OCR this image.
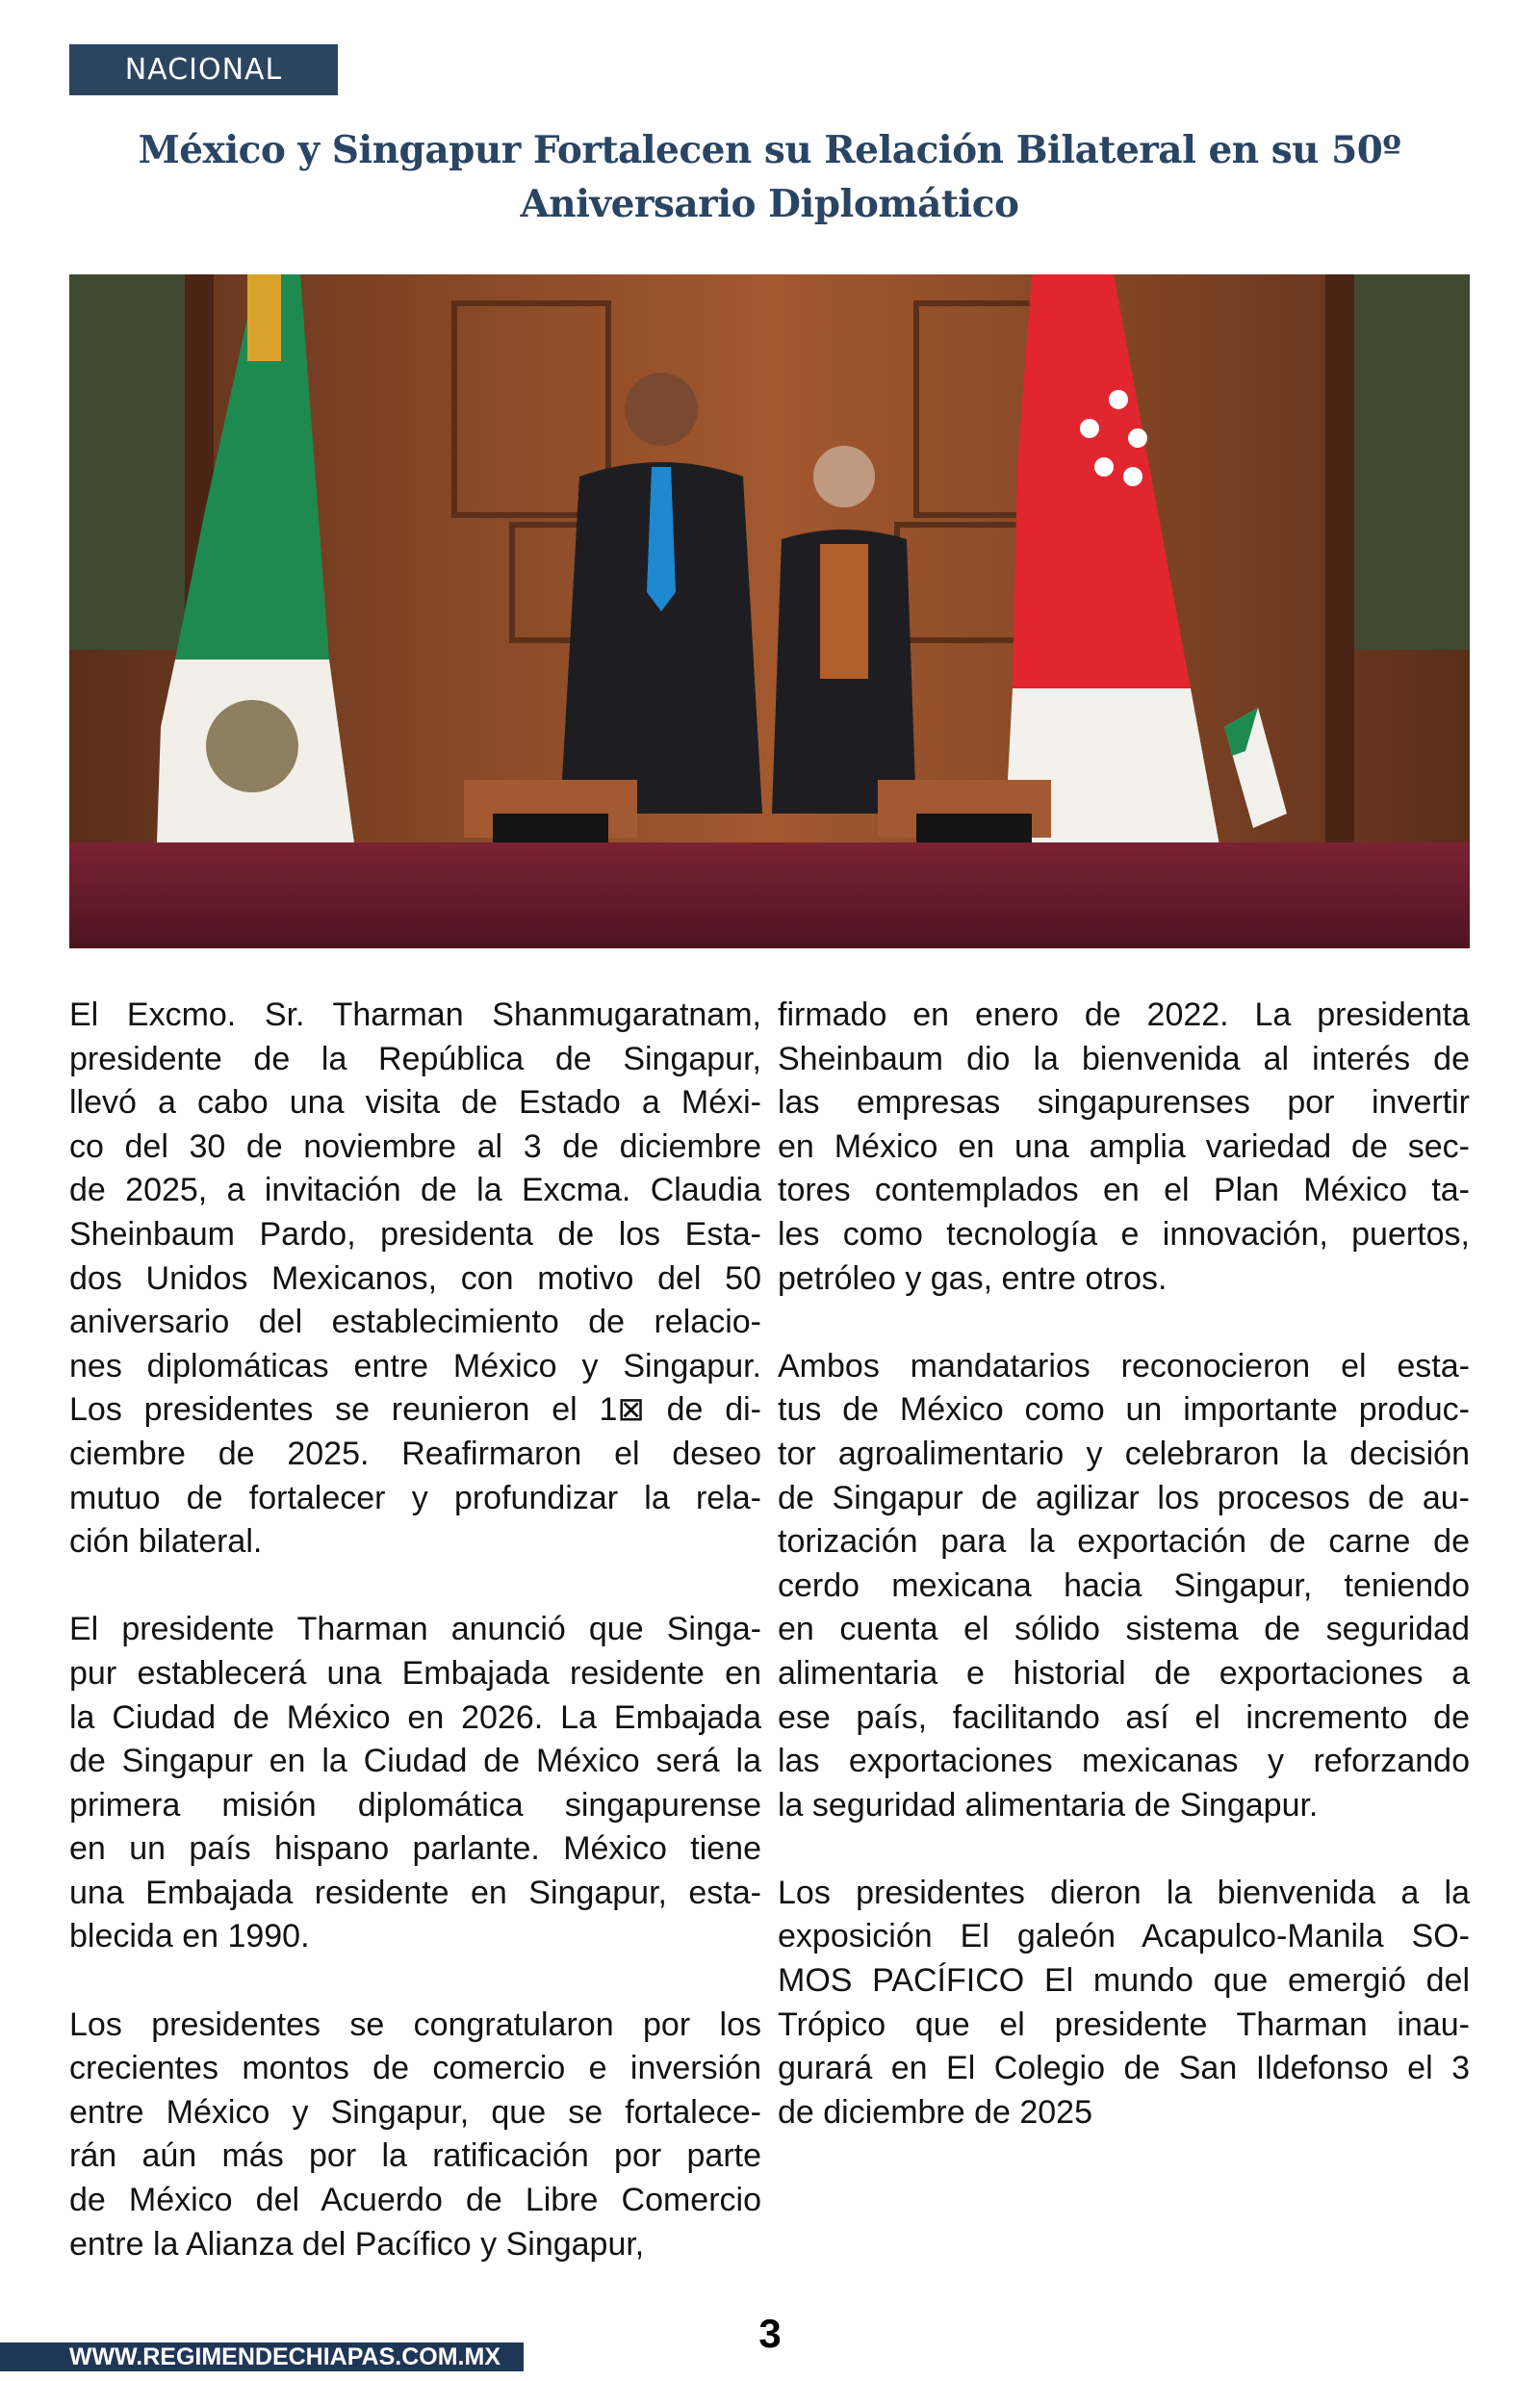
NACIONAL
México y Singapur Fortalecen su Relación Bilateral en su 50º
Aniversario Diplomático

El Excmo. Sr. Tharman Shanmugaratnam,
presidente de la República de Singapur,
llevó a cabo una visita de Estado a Méxi-
co del 30 de noviembre al 3 de diciembre
de 2025, a invitación de la Excma. Claudia
Sheinbaum Pardo, presidenta de los Esta-
dos Unidos Mexicanos, con motivo del 50
aniversario del establecimiento de relacio-
nes diplomáticas entre México y Singapur.
Los presidentes se reunieron el 1⊠ de di-
ciembre de 2025. Reafirmaron el deseo
mutuo de fortalecer y profundizar la rela-
ción bilateral.

El presidente Tharman anunció que Singa-
pur establecerá una Embajada residente en
la Ciudad de México en 2026. La Embajada
de Singapur en la Ciudad de México será la
primera misión diplomática singapurense
en un país hispano parlante. México tiene
una Embajada residente en Singapur, esta-
blecida en 1990.

Los presidentes se congratularon por los
crecientes montos de comercio e inversión
entre México y Singapur, que se fortalece-
rán aún más por la ratificación por parte
de México del Acuerdo de Libre Comercio
entre la Alianza del Pacífico y Singapur,

firmado en enero de 2022. La presidenta
Sheinbaum dio la bienvenida al interés de
las empresas singapurenses por invertir
en México en una amplia variedad de sec-
tores contemplados en el Plan México ta-
les como tecnología e innovación, puertos,
petróleo y gas, entre otros.

Ambos mandatarios reconocieron el esta-
tus de México como un importante produc-
tor agroalimentario y celebraron la decisión
de Singapur de agilizar los procesos de au-
torización para la exportación de carne de
cerdo mexicana hacia Singapur, teniendo
en cuenta el sólido sistema de seguridad
alimentaria e historial de exportaciones a
ese país, facilitando así el incremento de
las exportaciones mexicanas y reforzando
la seguridad alimentaria de Singapur.

Los presidentes dieron la bienvenida a la
exposición El galeón Acapulco-Manila SO-
MOS PACÍFICO El mundo que emergió del
Trópico que el presidente Tharman inau-
gurará en El Colegio de San Ildefonso el 3
de diciembre de 2025

WWW.REGIMENDECHIAPAS.COM.MX
3
